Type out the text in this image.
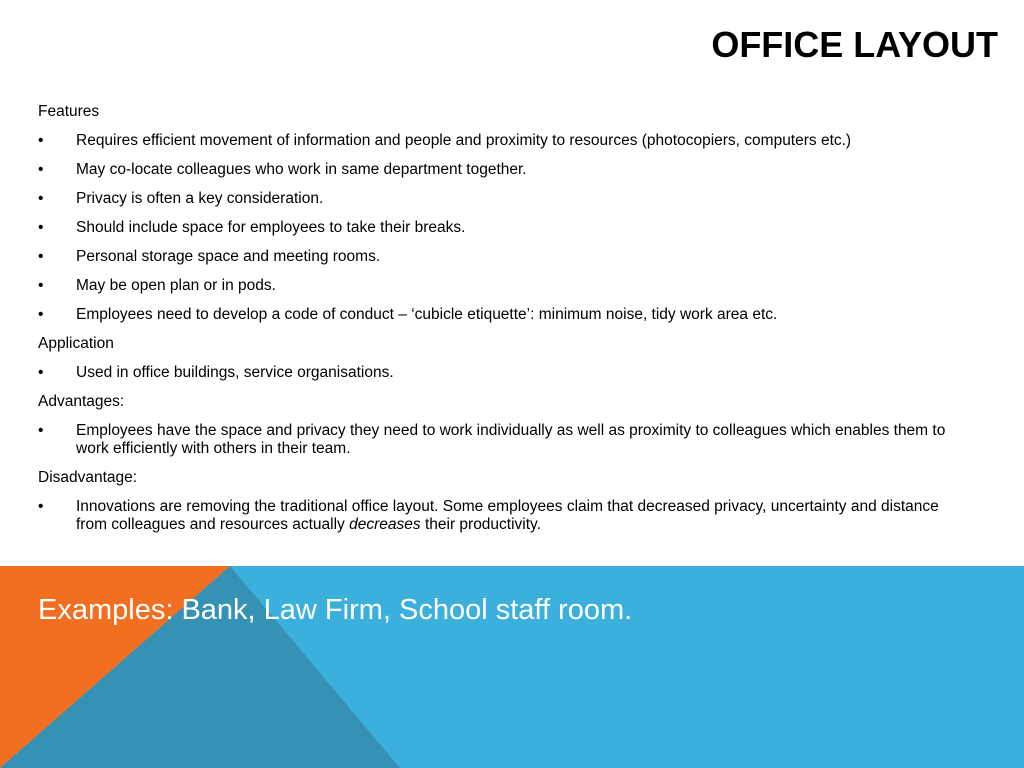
OFFICE LAYOUT

Features

•	Requires efficient movement of information and people and proximity to resources (photocopiers, computers etc.)
•	May co-locate colleagues who work in same department together.
•	Privacy is often a key consideration.
•	Should include space for employees to take their breaks.
•	Personal storage space and meeting rooms.
•	May be open plan or in pods.
•	Employees need to develop a code of conduct – ‘cubicle etiquette’: minimum noise, tidy work area etc.

Application

•	Used in office buildings, service organisations.

Advantages:

•	Employees have the space and privacy they need to work individually as well as proximity to colleagues which enables them to work efficiently with others in their team.

Disadvantage:

•	Innovations are removing the traditional office layout. Some employees claim that decreased privacy, uncertainty and distance from colleagues and resources actually decreases their productivity.

Examples: Bank, Law Firm, School staff room.
